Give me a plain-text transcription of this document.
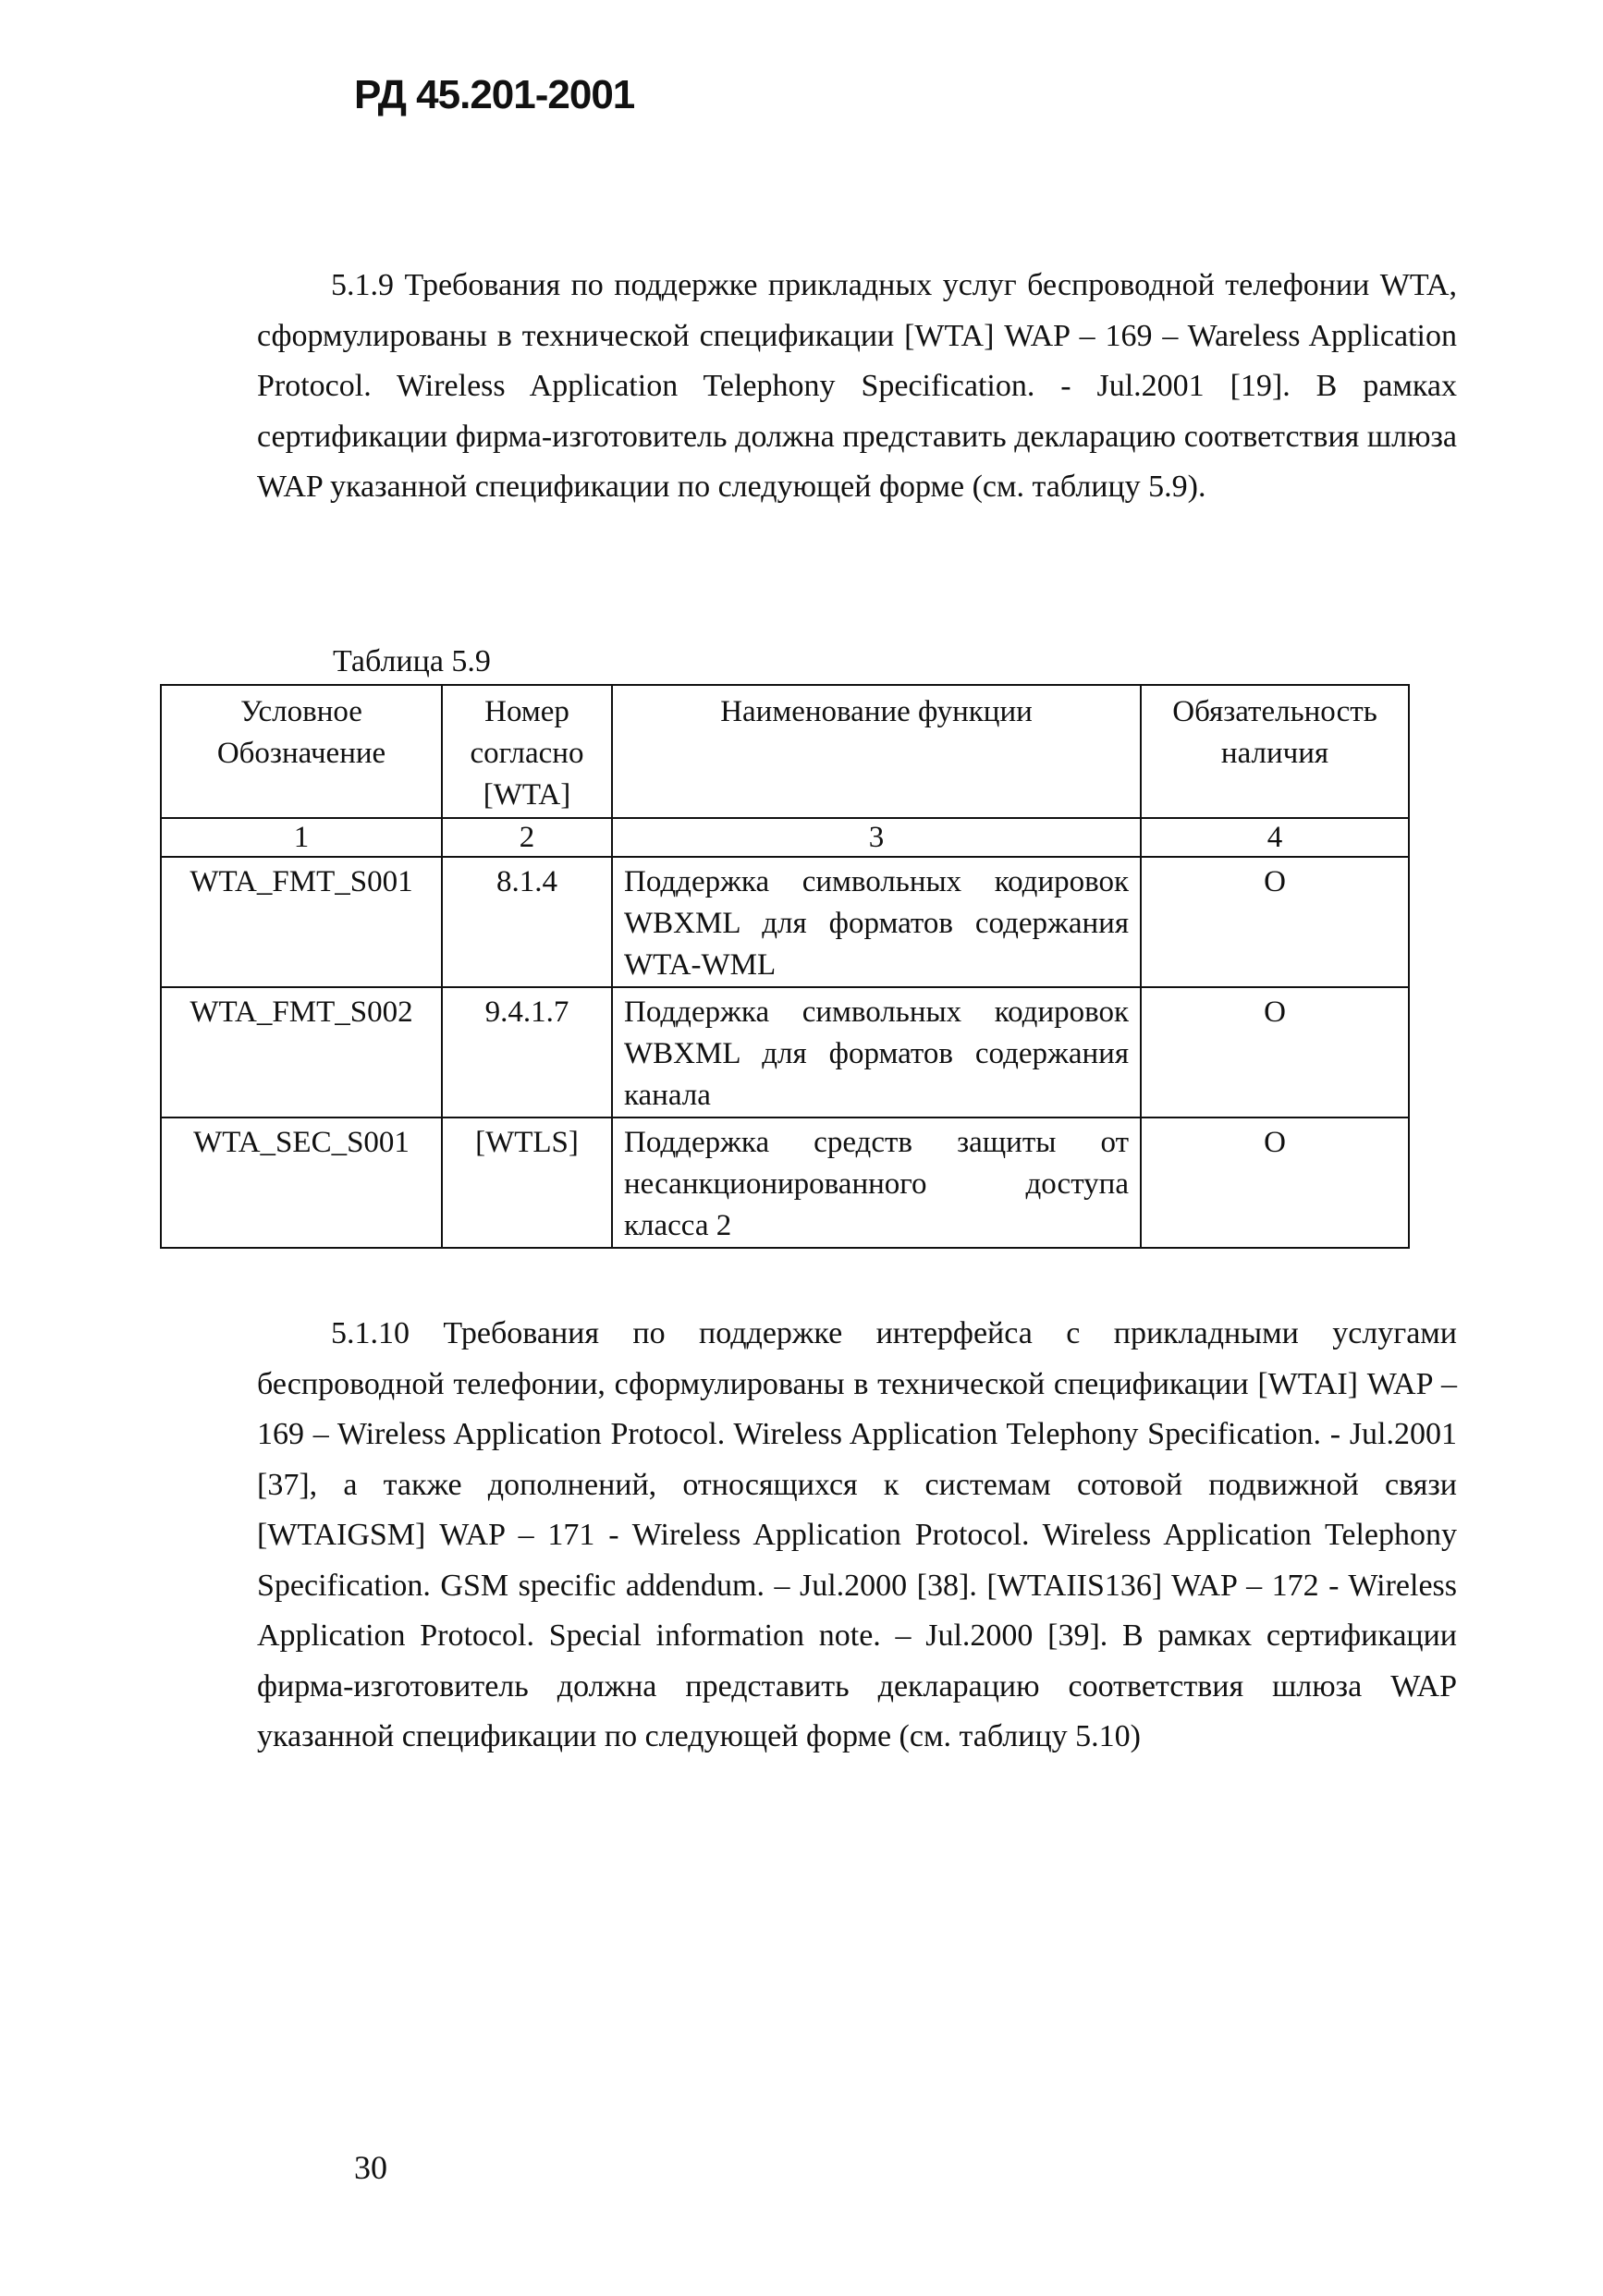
РД 45.201-2001

5.1.9 Требования по поддержке прикладных услуг беспроводной телефонии WTA, сформулированы в технической спецификации [WTA] WAP – 169 – Wareless Application Protocol. Wireless Application Telephony Specification. - Jul.2001 [19]. В рамках сертификации фирма-изготовитель должна представить декларацию соответствия шлюза WAP указанной спецификации по следующей форме (см. таблицу 5.9).

Таблица 5.9
Условное Обозначение	Номер согласно [WTA]	Наименование функции	Обязательность наличия
1	2	3	4
WTA_FMT_S001	8.1.4	Поддержка символьных кодировок WBXML для форматов содержания WTA-WML	O
WTA_FMT_S002	9.4.1.7	Поддержка символьных кодировок WBXML для форматов содержания канала	O
WTA_SEC_S001	[WTLS]	Поддержка средств защиты от несанкционированного доступа класса 2	O

5.1.10 Требования по поддержке интерфейса с прикладными услугами беспроводной телефонии, сформулированы в технической спецификации [WTAI] WAP – 169 – Wireless Application Protocol. Wireless Application Telephony Specification. - Jul.2001 [37], а также дополнений, относящихся к системам сотовой подвижной связи [WTAIGSM] WAP – 171 - Wireless Application Protocol. Wireless Application Telephony Specification. GSM specific addendum. – Jul.2000 [38]. [WTAIIS136] WAP – 172 - Wireless Application Protocol. Special information note. – Jul.2000 [39]. В рамках сертификации фирма-изготовитель должна представить декларацию соответствия шлюза WAP указанной спецификации по следующей форме (см. таблицу 5.10)

30
